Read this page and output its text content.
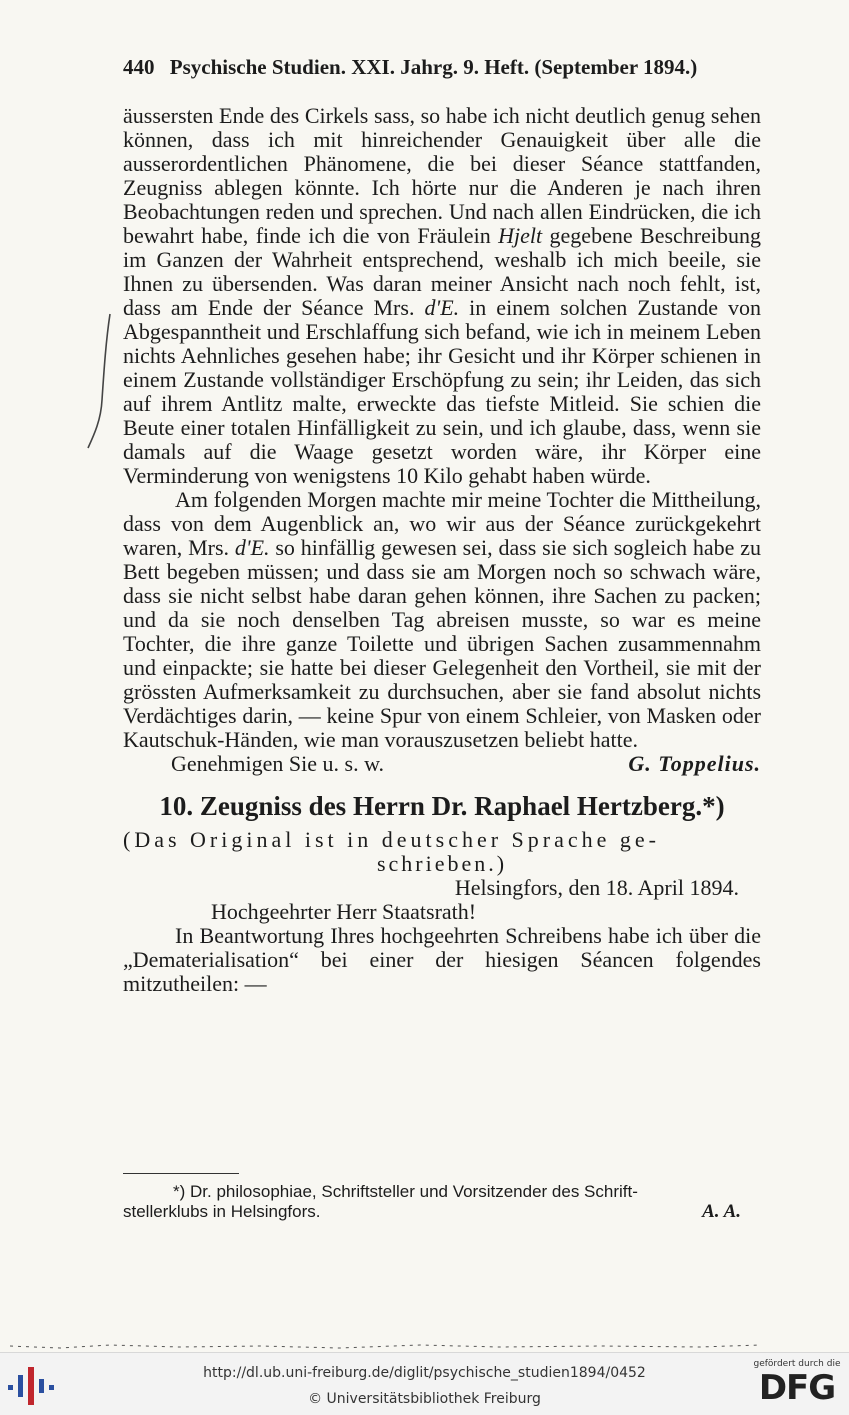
440 Psychische Studien. XXI. Jahrg. 9. Heft. (September 1894.)

äussersten Ende des Cirkels sass, so habe ich nicht deutlich genug sehen können, dass ich mit hinreichender Genauigkeit über alle die ausserordentlichen Phänomene, die bei dieser Séance stattfanden, Zeugniss ablegen könnte. Ich hörte nur die Anderen je nach ihren Beobachtungen reden und sprechen. Und nach allen Eindrücken, die ich bewahrt habe, finde ich die von Fräulein Hjelt gegebene Beschreibung im Ganzen der Wahrheit entsprechend, weshalb ich mich beeile, sie Ihnen zu übersenden. Was daran meiner Ansicht nach noch fehlt, ist, dass am Ende der Séance Mrs. d'E. in einem solchen Zustande von Abgespanntheit und Erschlaffung sich befand, wie ich in meinem Leben nichts Aehnliches gesehen habe; ihr Gesicht und ihr Körper schienen in einem Zustande vollständiger Erschöpfung zu sein; ihr Leiden, das sich auf ihrem Antlitz malte, erweckte das tiefste Mitleid. Sie schien die Beute einer totalen Hinfälligkeit zu sein, und ich glaube, dass, wenn sie damals auf die Waage gesetzt worden wäre, ihr Körper eine Verminderung von wenigstens 10 Kilo gehabt haben würde.

Am folgenden Morgen machte mir meine Tochter die Mittheilung, dass von dem Augenblick an, wo wir aus der Séance zurückgekehrt waren, Mrs. d'E. so hinfällig gewesen sei, dass sie sich sogleich habe zu Bett begeben müssen; und dass sie am Morgen noch so schwach wäre, dass sie nicht selbst habe daran gehen können, ihre Sachen zu packen; und da sie noch denselben Tag abreisen musste, so war es meine Tochter, die ihre ganze Toilette und übrigen Sachen zusammennahm und einpackte; sie hatte bei dieser Gelegenheit den Vortheil, sie mit der grössten Aufmerksamkeit zu durchsuchen, aber sie fand absolut nichts Verdächtiges darin, — keine Spur von einem Schleier, von Masken oder Kautschuk-Händen, wie man vorauszusetzen beliebt hatte.

Genehmigen Sie u. s. w.	G. Toppelius.

10. Zeugniss des Herrn Dr. Raphael Hertzberg.*)

(Das Original ist in deutscher Sprache ge-

schrieben.)

Helsingfors, den 18. April 1894.

Hochgeehrter Herr Staatsrath!

In Beantwortung Ihres hochgeehrten Schreibens habe ich über die „Dematerialisation“ bei einer der hiesigen Séancen folgendes mitzutheilen: —

*) Dr. philosophiae, Schriftsteller und Vorsitzender des Schrift-
stellerklubs in Helsingfors.	A. A.
http://dl.ub.uni-freiburg.de/diglit/psychische_studien1894/0452
© Universitätsbibliothek Freiburg
gefördert durch die
DFG
